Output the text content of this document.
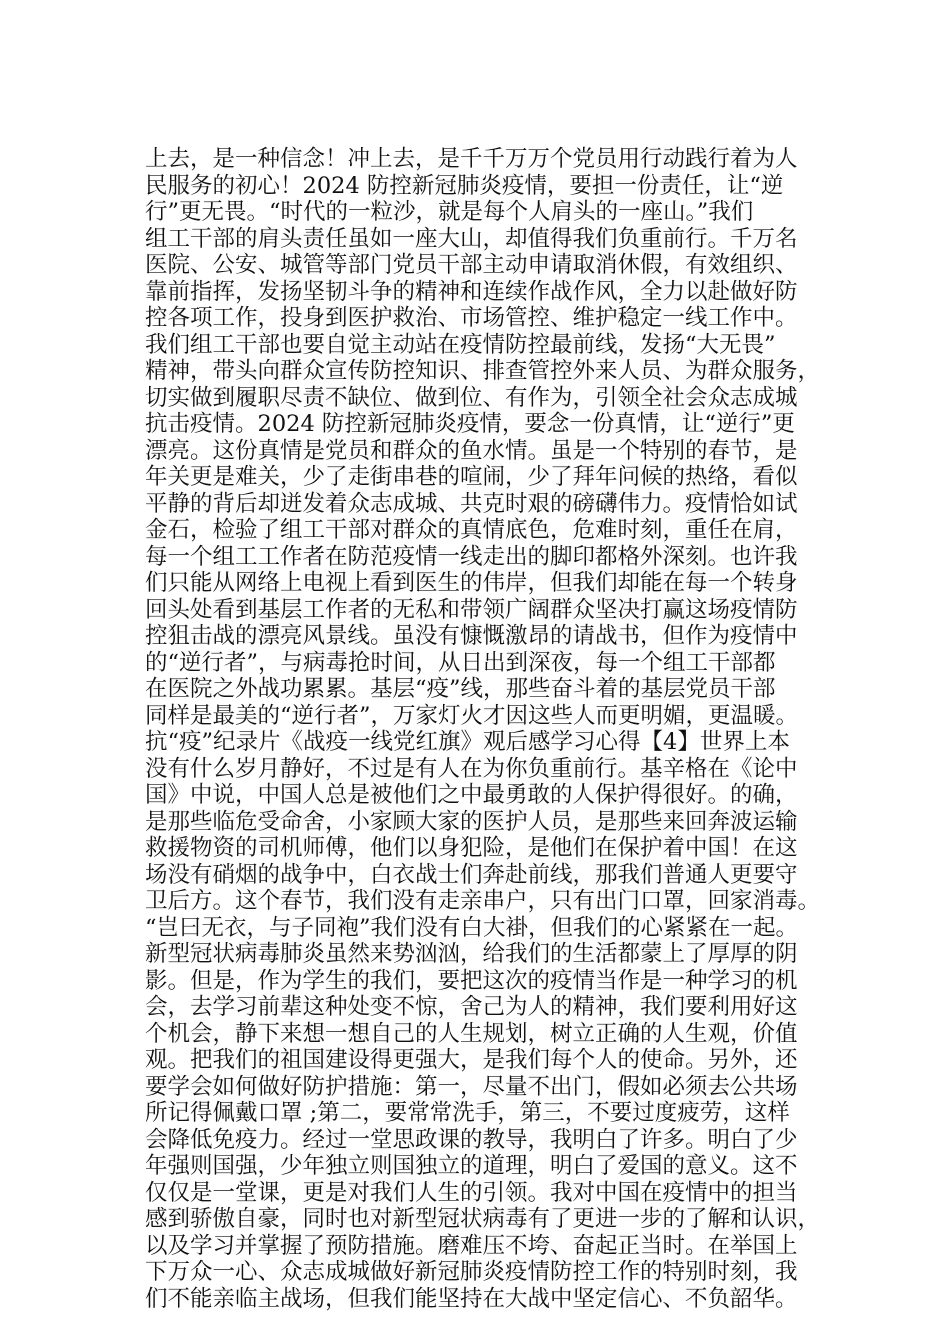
上去，是一种信念！冲上去，是千千万万个党员用行动践行着为人
民服务的初心！2024 防控新冠肺炎疫情，要担一份责任，让“逆
行”更无畏。“时代的一粒沙，就是每个人肩头的一座山。”我们
组工干部的肩头责任虽如一座大山，却值得我们负重前行。千万名
医院、公安、城管等部门党员干部主动申请取消休假，有效组织、
靠前指挥，发扬坚韧斗争的精神和连续作战作风，全力以赴做好防
控各项工作，投身到医护救治、市场管控、维护稳定一线工作中。
我们组工干部也要自觉主动站在疫情防控最前线，发扬“大无畏”
精神，带头向群众宣传防控知识、排查管控外来人员、为群众服务，
切实做到履职尽责不缺位、做到位、有作为，引领全社会众志成城
抗击疫情。2024 防控新冠肺炎疫情，要念一份真情，让“逆行”更
漂亮。这份真情是党员和群众的鱼水情。虽是一个特别的春节，是
年关更是难关，少了走街串巷的喧闹，少了拜年问候的热络，看似
平静的背后却迸发着众志成城、共克时艰的磅礴伟力。疫情恰如试
金石，检验了组工干部对群众的真情底色，危难时刻，重任在肩，
每一个组工工作者在防范疫情一线走出的脚印都格外深刻。也许我
们只能从网络上电视上看到医生的伟岸，但我们却能在每一个转身
回头处看到基层工作者的无私和带领广阔群众坚决打赢这场疫情防
控狙击战的漂亮风景线。虽没有慷慨激昂的请战书，但作为疫情中
的“逆行者”，与病毒抢时间，从日出到深夜，每一个组工干部都
在医院之外战功累累。基层“疫”线，那些奋斗着的基层党员干部
同样是最美的“逆行者”，万家灯火才因这些人而更明媚，更温暖。
抗“疫”纪录片《战疫一线党红旗》观后感学习心得【4】世界上本
没有什么岁月静好，不过是有人在为你负重前行。基辛格在《论中
国》中说，中国人总是被他们之中最勇敢的人保护得很好。的确，
是那些临危受命舍，小家顾大家的医护人员，是那些来回奔波运输
救援物资的司机师傅，他们以身犯险，是他们在保护着中国！在这
场没有硝烟的战争中，白衣战士们奔赴前线，那我们普通人更要守
卫后方。这个春节，我们没有走亲串户，只有出门口罩，回家消毒。
“岂曰无衣，与子同袍”我们没有白大褂，但我们的心紧紧在一起。
新型冠状病毒肺炎虽然来势汹汹，给我们的生活都蒙上了厚厚的阴
影。但是，作为学生的我们，要把这次的疫情当作是一种学习的机
会，去学习前辈这种处变不惊，舍己为人的精神，我们要利用好这
个机会，静下来想一想自己的人生规划，树立正确的人生观，价值
观。把我们的祖国建设得更强大，是我们每个人的使命。另外，还
要学会如何做好防护措施：第一，尽量不出门，假如必须去公共场
所记得佩戴口罩 ;第二，要常常洗手，第三，不要过度疲劳，这样
会降低免疫力。经过一堂思政课的教导，我明白了许多。明白了少
年强则国强，少年独立则国独立的道理，明白了爱国的意义。这不
仅仅是一堂课，更是对我们人生的引领。我对中国在疫情中的担当
感到骄傲自豪，同时也对新型冠状病毒有了更进一步的了解和认识，
以及学习并掌握了预防措施。磨难压不垮、奋起正当时。在举国上
下万众一心、众志成城做好新冠肺炎疫情防控工作的特别时刻，我
们不能亲临主战场，但我们能坚持在大战中坚定信心、不负韶华。
